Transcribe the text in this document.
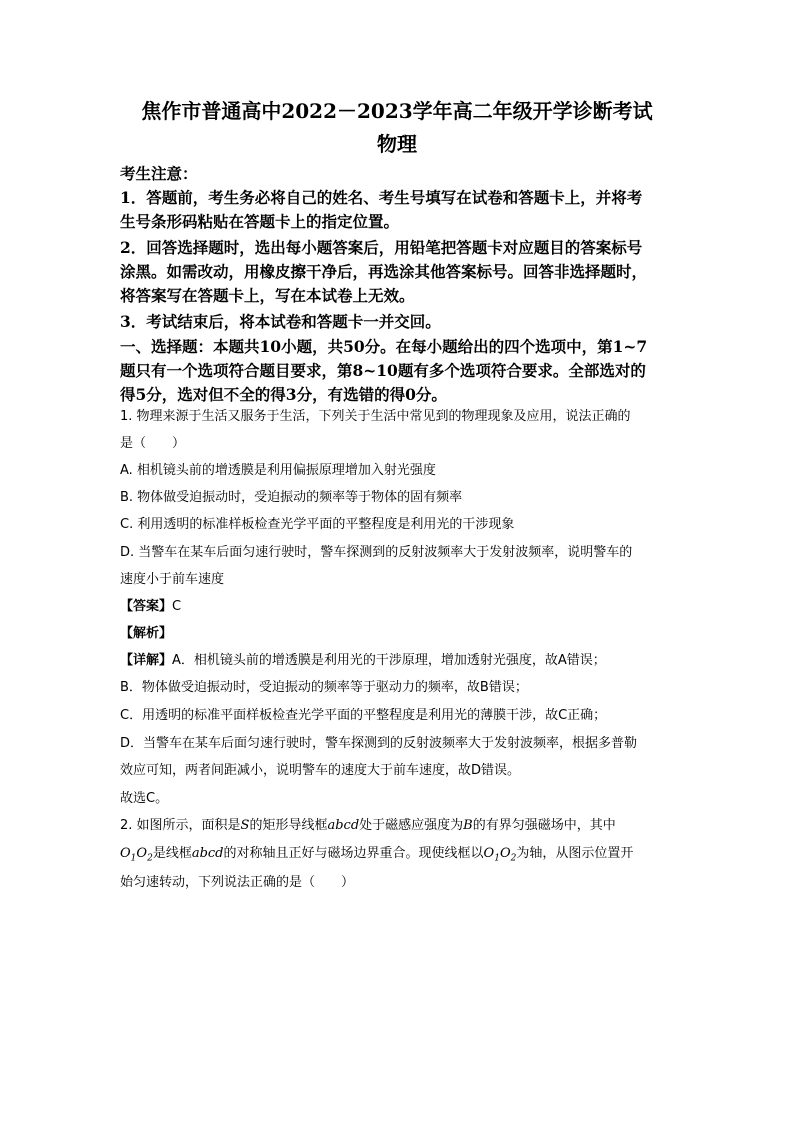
焦作市普通高中2022－2023学年高二年级开学诊断考试
物理
考生注意：
1．答题前，考生务必将自己的姓名、考生号填写在试卷和答题卡上，并将考
生号条形码粘贴在答题卡上的指定位置。
2．回答选择题时，选出每小题答案后，用铅笔把答题卡对应题目的答案标号
涂黑。如需改动，用橡皮擦干净后，再选涂其他答案标号。回答非选择题时，
将答案写在答题卡上，写在本试卷上无效。
3．考试结束后，将本试卷和答题卡一并交回。
一、选择题：本题共10小题，共50分。在每小题给出的四个选项中，第1~7
题只有一个选项符合题目要求，第8~10题有多个选项符合要求。全部选对的
得5分，选对但不全的得3分，有选错的得0分。
1. 物理来源于生活又服务于生活，下列关于生活中常见到的物理现象及应用，说法正确的
是（　　）
A. 相机镜头前的增透膜是利用偏振原理增加入射光强度
B. 物体做受迫振动时，受迫振动的频率等于物体的固有频率
C. 利用透明的标准样板检查光学平面的平整程度是利用光的干涉现象
D. 当警车在某车后面匀速行驶时，警车探测到的反射波频率大于发射波频率，说明警车的
速度小于前车速度
【答案】C
【解析】
【详解】A．相机镜头前的增透膜是利用光的干涉原理，增加透射光强度，故A错误；
B．物体做受迫振动时，受迫振动的频率等于驱动力的频率，故B错误；
C．用透明的标准平面样板检查光学平面的平整程度是利用光的薄膜干涉，故C正确；
D．当警车在某车后面匀速行驶时，警车探测到的反射波频率大于发射波频率，根据多普勒
效应可知，两者间距减小，说明警车的速度大于前车速度，故D错误。
故选C。
2. 如图所示，面积是S的矩形导线框abcd处于磁感应强度为B的有界匀强磁场中，其中
$O_1O_2$是线框abcd的对称轴且正好与磁场边界重合。现使线框以$O_1O_2$为轴，从图示位置开
始匀速转动，下列说法正确的是（　　）
